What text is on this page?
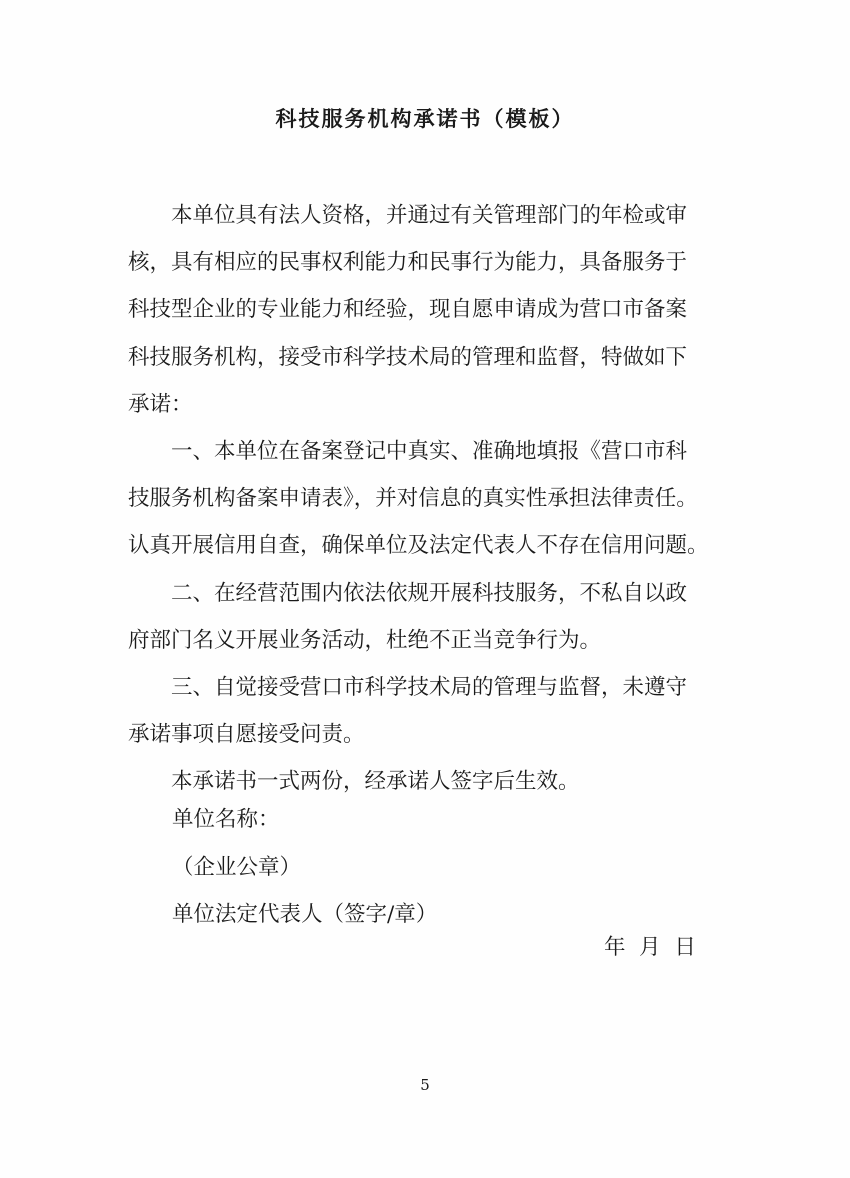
科技服务机构承诺书（模板）
本单位具有法人资格，并通过有关管理部门的年检或审
核，具有相应的民事权利能力和民事行为能力，具备服务于
科技型企业的专业能力和经验，现自愿申请成为营口市备案
科技服务机构，接受市科学技术局的管理和监督，特做如下
承诺：
一、本单位在备案登记中真实、准确地填报《营口市科
技服务机构备案申请表》，并对信息的真实性承担法律责任。
认真开展信用自查，确保单位及法定代表人不存在信用问题。
二、在经营范围内依法依规开展科技服务，不私自以政
府部门名义开展业务活动，杜绝不正当竞争行为。
三、自觉接受营口市科学技术局的管理与监督，未遵守
承诺事项自愿接受问责。
本承诺书一式两份，经承诺人签字后生效。
单位名称：
（企业公章）
单位法定代表人（签字/章）
年  月  日
5
